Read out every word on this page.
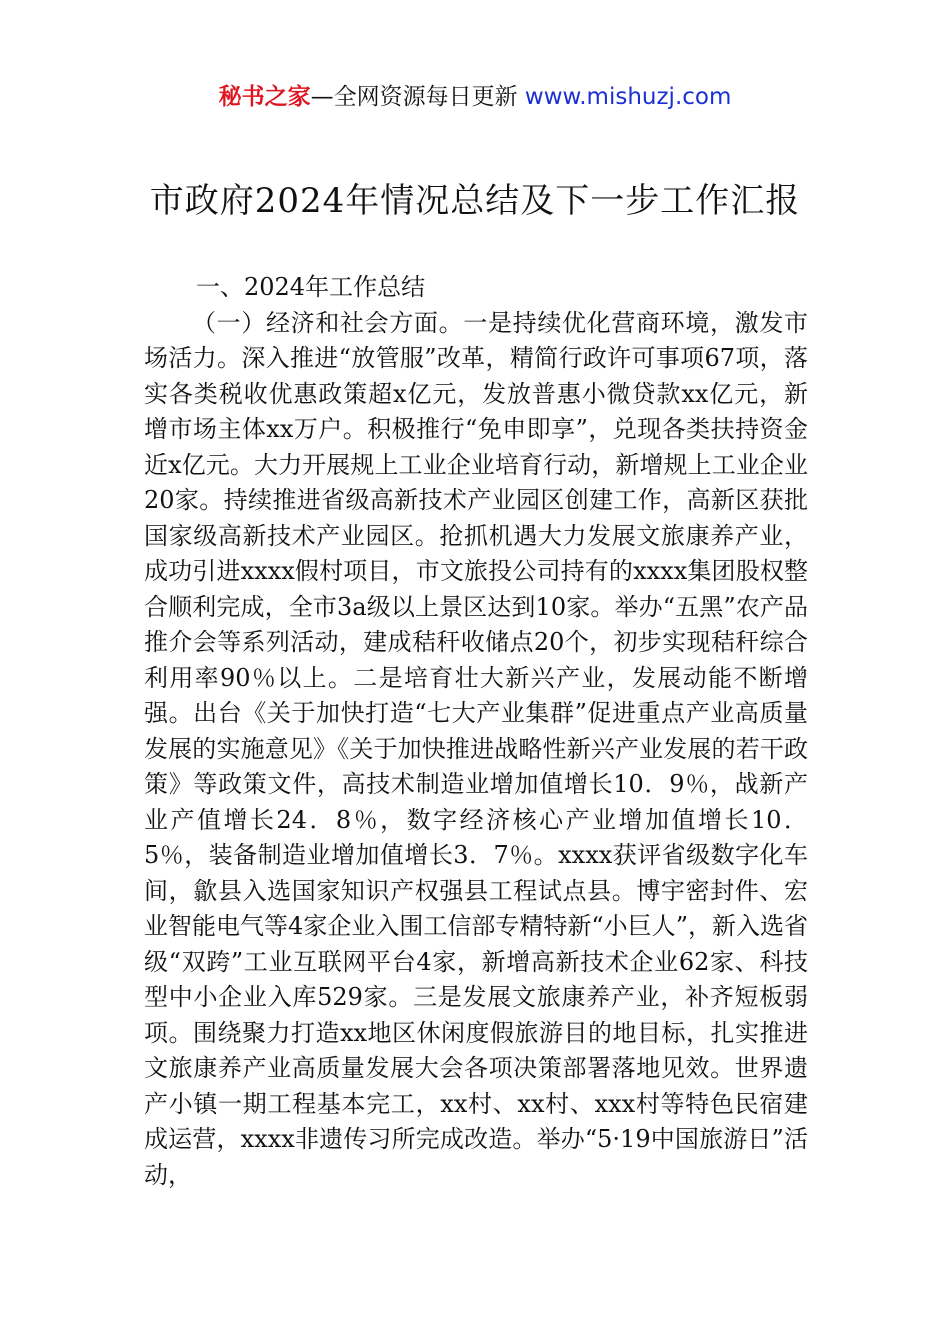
秘书之家—全网资源每日更新 www.mishuzj.com
市政府2024年情况总结及下一步工作汇报
一、2024年工作总结

（一）经济和社会方面。一是持续优化营商环境，激发市场活力。深入推进“放管服”改革，精简行政许可事项67项，落实各类税收优惠政策超x亿元，发放普惠小微贷款xx亿元，新增市场主体xx万户。积极推行“免申即享”，兑现各类扶持资金近x亿元。大力开展规上工业企业培育行动，新增规上工业企业20家。持续推进省级高新技术产业园区创建工作，高新区获批国家级高新技术产业园区。抢抓机遇大力发展文旅康养产业，成功引进xxxx假村项目，市文旅投公司持有的xxxx集团股权整合顺利完成，全市3a级以上景区达到10家。举办“五黑”农产品推介会等系列活动，建成秸秆收储点20个，初步实现秸秆综合利用率90％以上。二是培育壮大新兴产业，发展动能不断增强。出台《关于加快打造“七大产业集群”促进重点产业高质量发展的实施意见》《关于加快推进战略性新兴产业发展的若干政策》等政策文件，高技术制造业增加值增长10．9％，战新产业产值增长24．8％，数字经济核心产业增加值增长10．5％，装备制造业增加值增长3．7％。xxxx获评省级数字化车间，歙县入选国家知识产权强县工程试点县。博宇密封件、宏业智能电气等4家企业入围工信部专精特新“小巨人”，新入选省级“双跨”工业互联网平台4家，新增高新技术企业62家、科技型中小企业入库529家。三是发展文旅康养产业，补齐短板弱项。围绕聚力打造xx地区休闲度假旅游目的地目标，扎实推进文旅康养产业高质量发展大会各项决策部署落地见效。世界遗产小镇一期工程基本完工，xx村、xx村、xxx村等特色民宿建成运营，xxxx非遗传习所完成改造。举办“5·19中国旅游日”活动，
